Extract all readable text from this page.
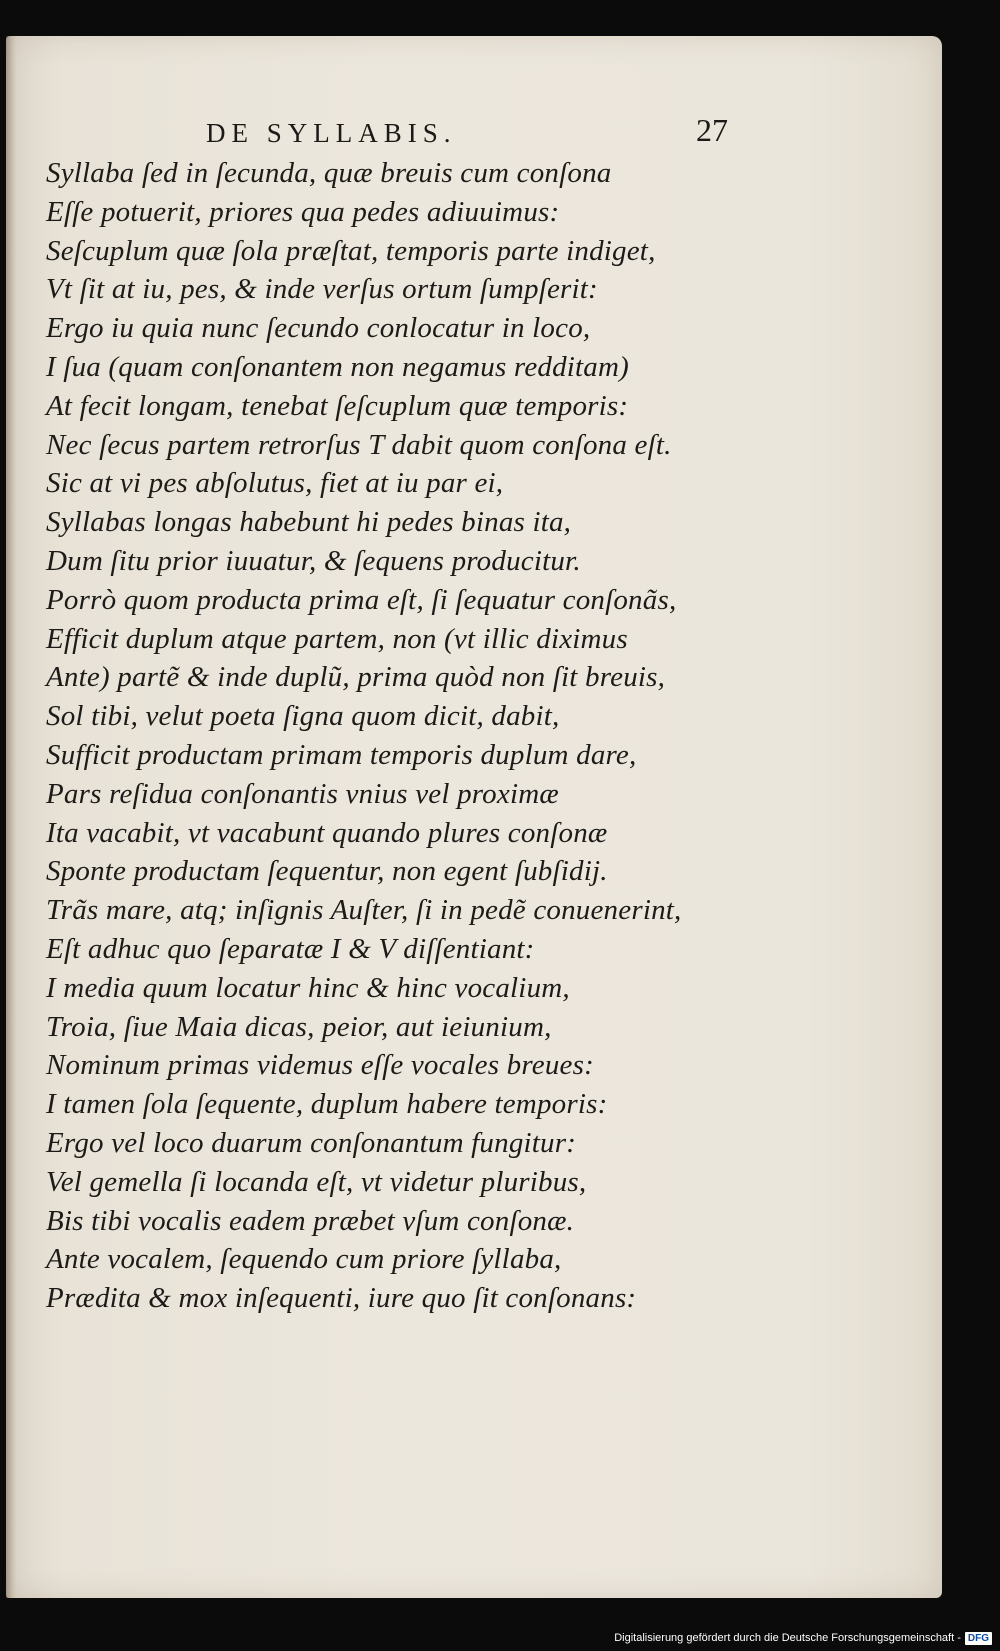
DE SYLLABIS.	27
Syllaba ſed in ſecunda, quæ breuis cum conſona
Eſſe potuerit, priores qua pedes adiuuimus:
Seſcuplum quæ ſola præſtat, temporis parte indiget,
Vt ſit at iu, pes, & inde verſus ortum ſumpſerit:
Ergo iu quia nunc ſecundo conlocatur in loco,
I ſua (quam conſonantem non negamus redditam)
At fecit longam, tenebat ſeſcuplum quæ temporis:
Nec ſecus partem retrorſus T dabit quom conſona eſt.
Sic at vi pes abſolutus, fiet at iu par ei,
Syllabas longas habebunt hi pedes binas ita,
Dum ſitu prior iuuatur, & ſequens producitur.
Porrò quom producta prima eſt, ſi ſequatur conſonãs,
Efficit duplum atque partem, non (vt illic diximus
Ante) partẽ & inde duplũ, prima quòd non ſit breuis,
Sol tibi, velut poeta ſigna quom dicit, dabit,
Sufficit productam primam temporis duplum dare,
Pars reſidua conſonantis vnius vel proximæ
Ita vacabit, vt vacabunt quando plures conſonæ
Sponte productam ſequentur, non egent ſubſidij.
Trãs mare, atq; inſignis Auſter, ſi in pedẽ conuenerint,
Eſt adhuc quo ſeparatæ I & V diſſentiant:
I media quum locatur hinc & hinc vocalium,
Troia, ſiue Maia dicas, peior, aut ieiunium,
Nominum primas videmus eſſe vocales breues:
I tamen ſola ſequente, duplum habere temporis:
Ergo vel loco duarum conſonantum fungitur:
Vel gemella ſi locanda eſt, vt videtur pluribus,
Bis tibi vocalis eadem præbet vſum conſonæ.
Ante vocalem, ſequendo cum priore ſyllaba,
Prædita & mox inſequenti, iure quo ſit conſonans:
Digitalisierung gefördert durch die Deutsche Forschungsgemeinschaft - DFG
